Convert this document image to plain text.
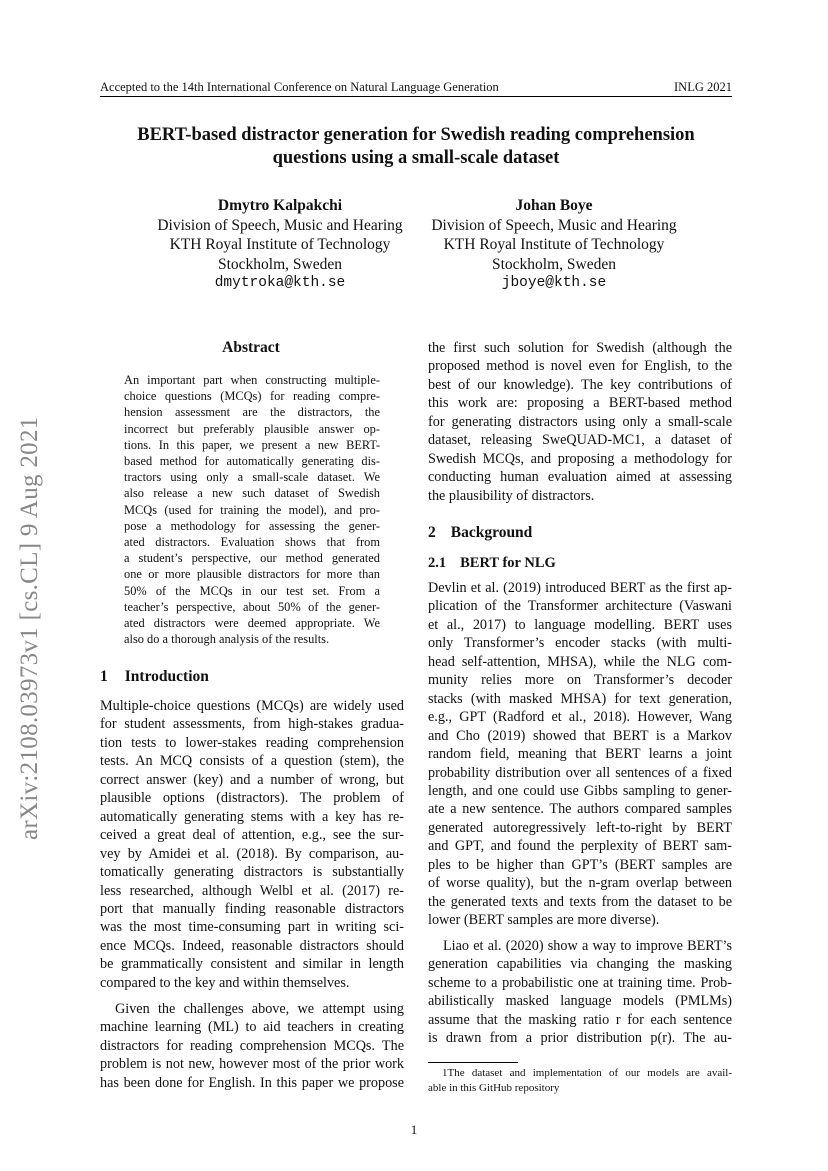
Accepted to the 14th International Conference on Natural Language Generation	INLG 2021
BERT-based distractor generation for Swedish reading comprehension
questions using a small-scale dataset
Dmytro Kalpakchi
Division of Speech, Music and Hearing
KTH Royal Institute of Technology
Stockholm, Sweden
dmytroka@kth.se
Johan Boye
Division of Speech, Music and Hearing
KTH Royal Institute of Technology
Stockholm, Sweden
jboye@kth.se
arXiv:2108.03973v1 [cs.CL] 9 Aug 2021
Abstract
An important part when constructing multiple-
choice questions (MCQs) for reading compre-
hension assessment are the distractors, the
incorrect but preferably plausible answer op-
tions. In this paper, we present a new BERT-
based method for automatically generating dis-
tractors using only a small-scale dataset. We
also release a new such dataset of Swedish
MCQs (used for training the model), and pro-
pose a methodology for assessing the gener-
ated distractors. Evaluation shows that from
a student’s perspective, our method generated
one or more plausible distractors for more than
50% of the MCQs in our test set. From a
teacher’s perspective, about 50% of the gener-
ated distractors were deemed appropriate. We
also do a thorough analysis of the results.
1 Introduction
Multiple-choice questions (MCQs) are widely used
for student assessments, from high-stakes gradua-
tion tests to lower-stakes reading comprehension
tests. An MCQ consists of a question (stem), the
correct answer (key) and a number of wrong, but
plausible options (distractors). The problem of
automatically generating stems with a key has re-
ceived a great deal of attention, e.g., see the sur-
vey by Amidei et al. (2018). By comparison, au-
tomatically generating distractors is substantially
less researched, although Welbl et al. (2017) re-
port that manually finding reasonable distractors
was the most time-consuming part in writing sci-
ence MCQs. Indeed, reasonable distractors should
be grammatically consistent and similar in length
compared to the key and within themselves.
Given the challenges above, we attempt using
machine learning (ML) to aid teachers in creating
distractors for reading comprehension MCQs. The
problem is not new, however most of the prior work
has been done for English. In this paper we propose
the first such solution for Swedish (although the
proposed method is novel even for English, to the
best of our knowledge). The key contributions of
this work are: proposing a BERT-based method
for generating distractors using only a small-scale
dataset, releasing SweQUAD-MC1, a dataset of
Swedish MCQs, and proposing a methodology for
conducting human evaluation aimed at assessing
the plausibility of distractors.
2 Background
2.1 BERT for NLG
Devlin et al. (2019) introduced BERT as the first ap-
plication of the Transformer architecture (Vaswani
et al., 2017) to language modelling. BERT uses
only Transformer’s encoder stacks (with multi-
head self-attention, MHSA), while the NLG com-
munity relies more on Transformer’s decoder
stacks (with masked MHSA) for text generation,
e.g., GPT (Radford et al., 2018). However, Wang
and Cho (2019) showed that BERT is a Markov
random field, meaning that BERT learns a joint
probability distribution over all sentences of a fixed
length, and one could use Gibbs sampling to gener-
ate a new sentence. The authors compared samples
generated autoregressively left-to-right by BERT
and GPT, and found the perplexity of BERT sam-
ples to be higher than GPT’s (BERT samples are
of worse quality), but the n-gram overlap between
the generated texts and texts from the dataset to be
lower (BERT samples are more diverse).
Liao et al. (2020) show a way to improve BERT’s
generation capabilities via changing the masking
scheme to a probabilistic one at training time. Prob-
abilistically masked language models (PMLMs)
assume that the masking ratio r for each sentence
is drawn from a prior distribution p(r). The au-
1The dataset and implementation of our models are avail-
able in this GitHub repository
1
